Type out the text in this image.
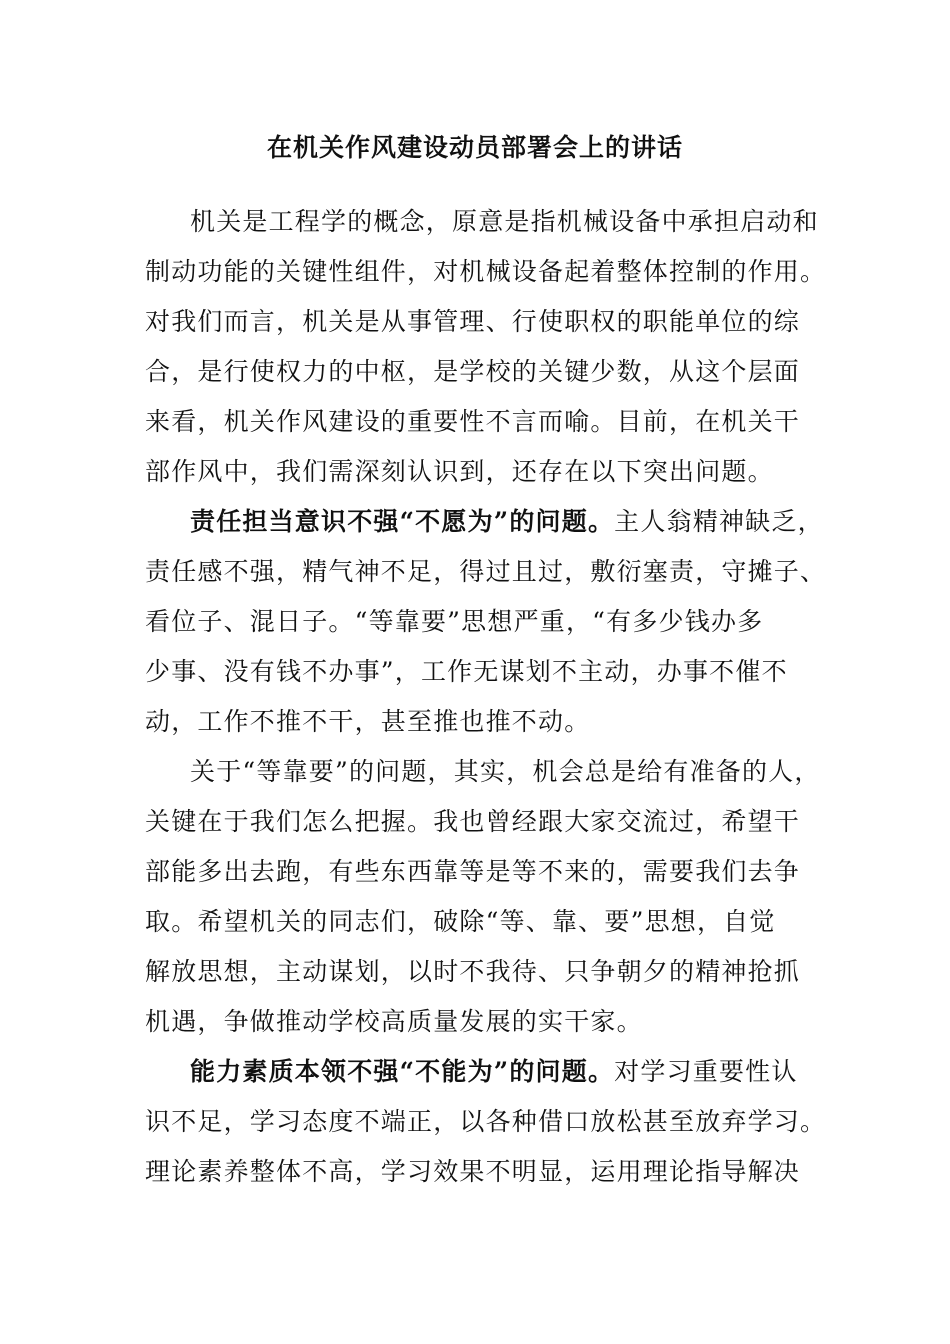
在机关作风建设动员部署会上的讲话

机关是工程学的概念，原意是指机械设备中承担启动和

制动功能的关键性组件，对机械设备起着整体控制的作用。

对我们而言，机关是从事管理、行使职权的职能单位的综

合，是行使权力的中枢，是学校的关键少数，从这个层面

来看，机关作风建设的重要性不言而喻。目前，在机关干

部作风中，我们需深刻认识到，还存在以下突出问题。

责任担当意识不强“不愿为”的问题。主人翁精神缺乏，

责任感不强，精气神不足，得过且过，敷衍塞责，守摊子、

看位子、混日子。“等靠要”思想严重，“有多少钱办多

少事、没有钱不办事”，工作无谋划不主动，办事不催不

动，工作不推不干，甚至推也推不动。

关于“等靠要”的问题，其实，机会总是给有准备的人，

关键在于我们怎么把握。我也曾经跟大家交流过，希望干

部能多出去跑，有些东西靠等是等不来的，需要我们去争

取。希望机关的同志们，破除“等、靠、要”思想，自觉

解放思想，主动谋划，以时不我待、只争朝夕的精神抢抓

机遇，争做推动学校高质量发展的实干家。

能力素质本领不强“不能为”的问题。对学习重要性认

识不足，学习态度不端正，以各种借口放松甚至放弃学习。

理论素养整体不高，学习效果不明显，运用理论指导解决
